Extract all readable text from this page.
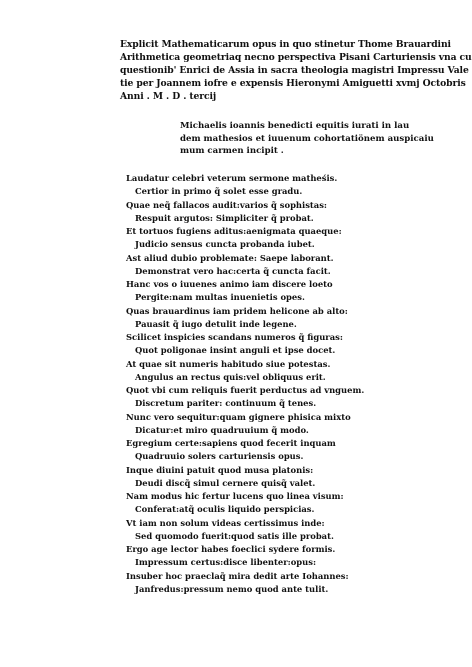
Explicit Mathematicarum opus in quo stinetur Thome Brauardini
Arithmetica geometriaq necno perspectiva Pisani Carturiensis vna cu
questionib' Enrici de Assia in sacra theologia magistri Impressu Vale
tie per Joannem iofre e expensis Hieronymi Amiguetti xvmj Octobris
Anni . M . D . tercij
Michaelis ioannis benedicti equitis iurati in lau
dem mathesios et iuuenum cohortatiönem auspicaiu
mum carmen incipit .
Laudatur celebri veterum sermone matheśis.
Certior in primo q̃ solet esse gradu.
Quae neq̃ fallacos audit:varios q̃ sophistas:
Respuit argutos: Simpliciter q̃ probat.
Et tortuos fugiens aditus:aenigmata quaeque:
Judicio sensus cuncta probanda iubet.
Ast aliud dubio problemate: Saepe laborant.
Demonstrat vero hac:certa q̃ cuncta facit.
Hanc vos o iuuenes animo iam discere loeto
Pergite:nam multas inuenietis opes.
Quas brauardinus iam pridem helicone ab alto:
Pauasit q̃ iugo detulit inde legene.
Scilicet inspicies scandans numeros q̃ figuras:
Quot poligonae insint anguli et ipse docet.
At quae sit numeris habitudo siue potestas.
Angulus an rectus quis:vel obliquus erit.
Quot vbi cum reliquis fuerit perductus ad vnguem.
Discretum pariter: continuum q̃ tenes.
Nunc vero sequitur:quam gignere phisica mixto
Dicatur:et miro quadruuium q̃ modo.
Egregium certe:sapiens quod fecerit inquam
Quadruuio solers carturiensis opus.
Inque diuini patuit quod musa platonis:
Deudi discq̃ simul cernere quisq̃ valet.
Nam modus hic fertur lucens quo linea visum:
Conferat:atq̃ oculis liquido perspicias.
Vt iam non solum videas certissimus inde:
Sed quomodo fuerit:quod satis ille probat.
Ergo age lector habes foeclici sydere formis.
Impressum certus:disce libenter:opus:
Insuber hoc praeclaq̃ mira dedit arte Iohannes:
Janfredus:pressum nemo quod ante tulit.
